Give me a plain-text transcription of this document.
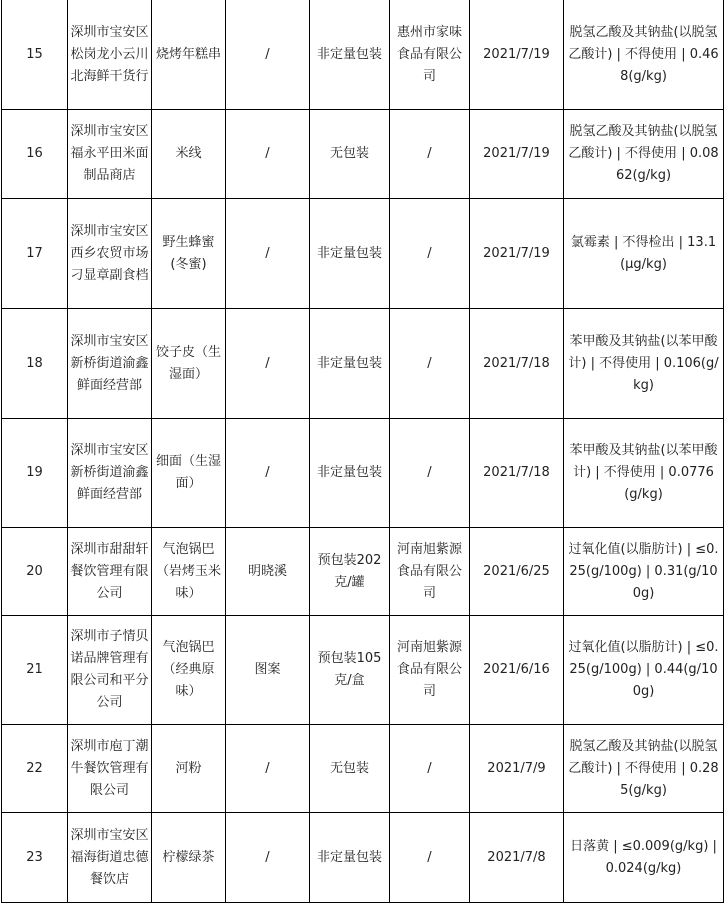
15	深圳市宝安区松岗龙小云川北海鲜干货行	烧烤年糕串	/	非定量包装	惠州市家味食品有限公司	2021/7/19	脱氢乙酸及其钠盐(以脱氢乙酸计) | 不得使用 | 0.468(g/kg)
16	深圳市宝安区福永平田米面制品商店	米线	/	无包装	/	2021/7/19	脱氢乙酸及其钠盐(以脱氢乙酸计) | 不得使用 | 0.0862(g/kg)
17	深圳市宝安区西乡农贸市场刁显章副食档	野生蜂蜜(冬蜜)	/	非定量包装	/	2021/7/19	氯霉素 | 不得检出 | 13.1(μg/kg)
18	深圳市宝安区新桥街道渝鑫鲜面经营部	饺子皮（生湿面）	/	非定量包装	/	2021/7/18	苯甲酸及其钠盐(以苯甲酸计) | 不得使用 | 0.106(g/kg)
19	深圳市宝安区新桥街道渝鑫鲜面经营部	细面（生湿面）	/	非定量包装	/	2021/7/18	苯甲酸及其钠盐(以苯甲酸计) | 不得使用 | 0.0776(g/kg)
20	深圳市甜甜轩餐饮管理有限公司	气泡锅巴（岩烤玉米味）	明晓溪	预包装202克/罐	河南旭紫源食品有限公司	2021/6/25	过氧化值(以脂肪计) | ≤0.25(g/100g) | 0.31(g/100g)
21	深圳市子情贝诺品牌管理有限公司和平分公司	气泡锅巴（经典原味）	图案	预包装105克/盒	河南旭紫源食品有限公司	2021/6/16	过氧化值(以脂肪计) | ≤0.25(g/100g) | 0.44(g/100g)
22	深圳市庖丁潮牛餐饮管理有限公司	河粉	/	无包装	/	2021/7/9	脱氢乙酸及其钠盐(以脱氢乙酸计) | 不得使用 | 0.285(g/kg)
23	深圳市宝安区福海街道忠德餐饮店	柠檬绿茶	/	非定量包装	/	2021/7/8	日落黄 | ≤0.009(g/kg) | 0.024(g/kg)
